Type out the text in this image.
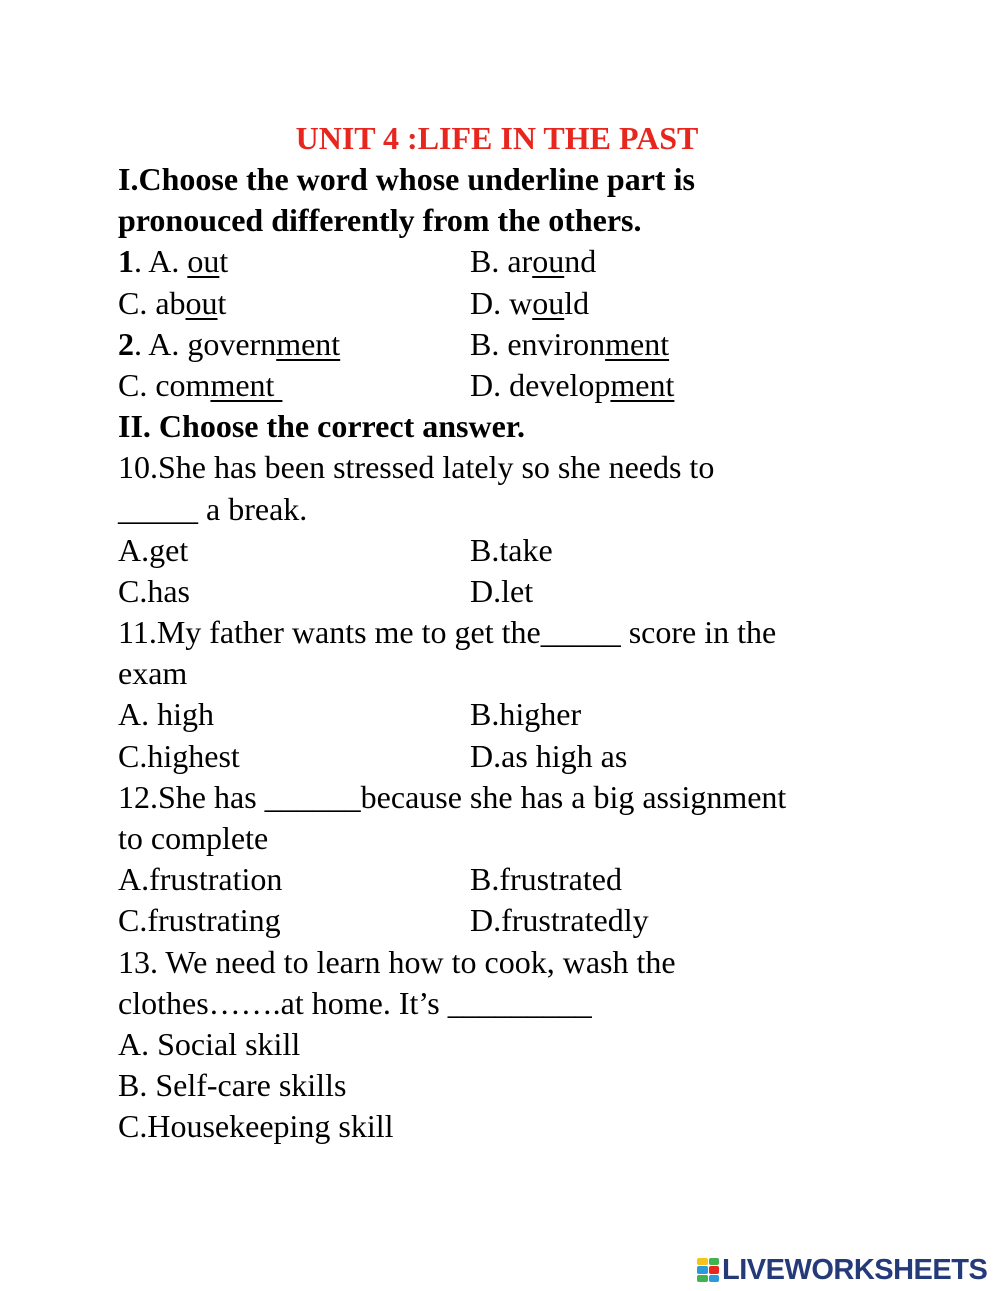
UNIT 4 :LIFE IN THE PAST
I.Choose the word whose underline part is
pronouced differently from the others.
1. A. out	B. around
C. about	D. would
2. A. government	B. environment
C. comment	D. development
II. Choose the correct answer.
10.She has been stressed lately so she needs to
_____ a break.
A.get	B.take
C.has	D.let
11.My father wants me to get the_____ score in the
exam
A. high	B.higher
C.highest	D.as high as
12.She has ______because she has a big assignment
to complete
A.frustration	B.frustrated
C.frustrating	D.frustratedly
13. We need to learn how to cook, wash the
clothes…….at home. It’s _________
A. Social skill
B. Self-care skills
C.Housekeeping skill
LIVEWORKSHEETS
